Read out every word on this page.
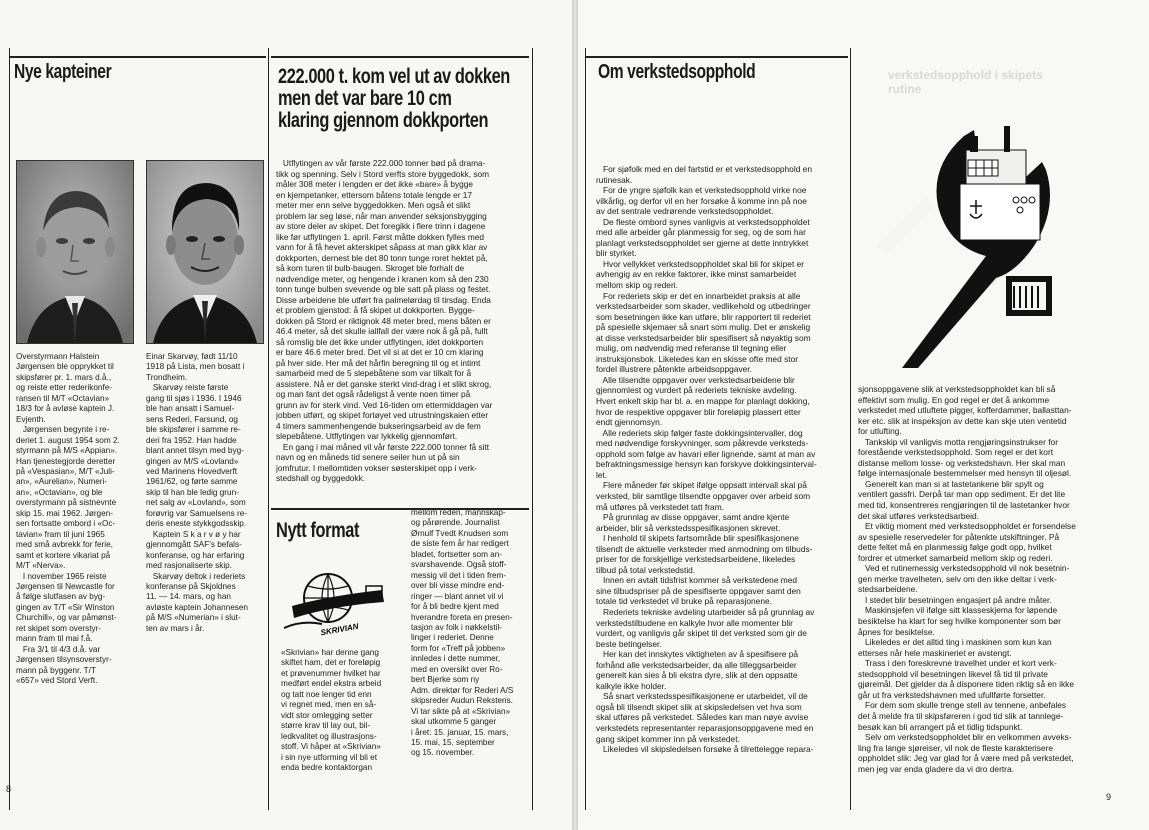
Nye kapteiner
Overstyrmann Halstein
Jørgensen ble opprykket til
skipsfører pr. 1. mars d.å.,
og reiste etter rederikonfe-
ransen til M/T «Octavian»
18/3 for å avløse kaptein J.
Evjenth.
Jørgensen begynte i re-
deriet 1. august 1954 som 2.
styrmann på M/S «Appian».
Han tjenestegjorde deretter
på «Vespasian», M/T «Juli-
an», «Aurelian», Numeri-
an», «Octavian», og ble
overstyrmann på sistnevnte
skip 15. mai 1962. Jørgen-
sen fortsatte ombord i «Oc-
tavian» fram til juni 1965
med små avbrekk for ferie,
samt et kortere vikariat på
M/T «Nerva».
I november 1965 reiste
Jørgensen til Newcastle for
å følge slutfasen av byg-
gingen av T/T «Sir Winston
Churchill», og var påmønst-
ret skipet som overstyr-
mann fram til mai f.å.
Fra 3/1 til 4/3 d.å. var
Jørgensen tilsynsoverstyr-
mann på byggenr. T/T
«657» ved Stord Verft.
Einar Skarvøy, født 11/10
1918 på Lista, men bosatt i
Trondheim.
Skarvøy reiste første
gang til sjøs i 1936. I 1946
ble han ansatt i Samuel-
sens Rederi, Farsund, og
ble skipsfører i samme re-
deri fra 1952. Han hadde
blant annet tilsyn med byg-
gingen av M/S «Lovland»
ved Marinens Hovedverft
1961/62, og førte samme
skip til han ble ledig grun-
net salg av «Lovland», som
forøvrig var Samuelsens re-
deris eneste stykkgodsskip.
Kaptein S k a r v ø y har
gjennomgått SAF's befals-
konferanse, og har erfaring
med rasjonaliserte skip.
Skarvøy deltok i rederiets
konferanse på Skjoldnes
11. — 14. mars, og han
avløste kaptein Johannesen
på M/S «Numerian» i slut-
ten av mars i år.
222.000 t. kom vel ut av dokken
men det var bare 10 cm
klaring gjennom dokkporten
Utflytingen av vår første 222.000 tonner bød på drama-
tikk og spenning. Selv i Stord verfts store byggedokk, som
måler 308 meter i lengden er det ikke «bare» å bygge
en kjempetanker, ettersom båtens totale lengde er 17
meter mer enn selve byggedokken. Men også et slikt
problem lar seg løse, når man anvender seksjonsbygging
av store deler av skipet. Det foregikk i flere trinn i dagene
like før utflytingen 1. april. Først måtte dokken fylles med
vann for å få hevet akterskipet såpass at man gikk klar av
dokkporten, dernest ble det 80 tonn tunge roret hektet på,
så kom turen til bulb-baugen. Skroget ble forhalt de
nødvendige meter, og hengende i kranen kom så den 230
tonn tunge bulben svevende og ble satt på plass og festet.
Disse arbeidene ble utført fra palmelørdag til tirsdag. Enda
et problem gjenstod: å få skipet ut dokkporten. Bygge-
dokken på Stord er riktignok 48 meter bred, mens båten er
46.4 meter, så det skulle iallfall der være nok å gå på, fullt
så romslig ble det ikke under utflytingen, idet dokkporten
er bare 46.6 meter bred. Det vil si at det er 10 cm klaring
på hver side. Her må det hårfin beregning til og et intimt
samarbeid med de 5 slepebåtene som var tilkalt for å
assistere. Nå er det ganske sterkt vind-drag i et slikt skrog,
og man fant det også rådeligst å vente noen timer på
grunn av for sterk vind. Ved 16-tiden om ettermiddagen var
jobben utført, og skipet fortøyet ved utrustningskaien etter
4 timers sammenhengende bukseringsarbeid av de fem
slepebåtene. Utflytingen var lykkelig gjennomført.
En gang i mai måned vil vår første 222.000 tonner få sitt
navn og en måneds tid senere seiler hun ut på sin
jomfrutur. I mellomtiden vokser søsterskipet opp i verk-
stedshall og byggedokk.
Nytt format
SKRIVIAN
«Skrivian» har denne gang
skiftet ham, det er foreløpig
et prøvenummer hvilket har
medført endel ekstra arbeid
og tatt noe lenger tid enn
vi regnet med, men en så-
vidt stor omlegging setter
større krav til lay out, bil-
ledkvalitet og illustrasjons-
stoff. Vi håper at «Skrivian»
i sin nye utforming vil bli et
enda bedre kontaktorgan
mellom rederi, mannskap-
og pårørende. Journalist
Ørnulf Tvedt Knudsen som
de siste fem år har redigert
bladet, fortsetter som an-
svarshavende. Også stoff-
messig vil det i tiden frem-
over bli visse mindre end-
ringer — blant annet vil vi
for å bli bedre kjent med
hverandre foreta en presen-
tasjon av folk i nøkkelstil-
linger i rederiet. Denne
form for «Treff på jobben»
innledes i dette nummer,
med en oversikt over Ro-
bert Bjerke som ny
Adm. direktør for Rederi A/S
skipsreder Audun Rekstens.
Vi tar sikte på at «Skrivian»
skal utkomme 5 ganger
i året: 15. januar, 15. mars,
15. mai, 15. september
og 15. november.
8
Om verkstedsopphold	verkstedsopphold i skipets
rutine
For sjøfolk med en del fartstid er et verkstedsopphold en
rutinesak.
For de yngre sjøfolk kan et verkstedsopphold virke noe
vilkårlig, og derfor vil en her forsøke å komme inn på noe
av det sentrale vedrørende verkstedsoppholdet.
De fleste ombord synes vanligvis at verkstedsoppholdet
med alle arbeider går planmessig for seg, og de som har
planlagt verkstedsoppholdet ser gjerne at dette inntrykket
blir styrket.
Hvor vellykket verkstedsoppholdet skal bli for skipet er
avhengig av en rekke faktorer, ikke minst samarbeidet
mellom skip og rederi.
For rederiets skip er det en innarbeidet praksis at alle
verkstedsarbeider som skader, vedlikehold og utbedringer
som besetningen ikke kan utføre, blir rapportert til rederiet
på spesielle skjemaer så snart som mulig. Det er ønskelig
at disse verkstedsarbeider blir spesifisert så nøyaktig som
mulig, om nødvendig med referanse til tegning eller
instruksjonsbok. Likeledes kan en skisse ofte med stor
fordel illustrere påtenkte arbeidsoppgaver.
Alle tilsendte oppgaver over verkstedsarbeidene blir
gjennomlest og vurdert på rederiets tekniske avdeling.
Hvert enkelt skip har bl. a. en mappe for planlagt dokking,
hvor de respektive oppgaver blir foreløpig plassert etter
endt gjennomsyn.
Alle rederiets skip følger faste dokkingsintervaller, dog
med nødvendige forskyvninger, som påkrevde verksteds-
opphold som følge av havari eller lignende, samt at man av
befraktningsmessige hensyn kan forskyve dokkingsinterval-
let.
Flere måneder før skipet ifølge oppsatt intervall skal på
verksted, blir samtlige tilsendte oppgaver over arbeid som
må utføres på verkstedet tatt fram.
På grunnlag av disse oppgaver, samt andre kjente
arbeider, blir så verkstedsspesifikasjonen skrevet.
I henhold til skipets fartsområde blir spesifikasjonene
tilsendt de aktuelle verksteder med anmodning om tilbuds-
priser for de forskjellige verkstedsarbeidene, likeledes
tilbud på total verkstedstid.
Innen en avtalt tidsfrist kommer så verkstedene med
sine tilbudspriser på de spesifiserte oppgaver samt den
totale tid verkstedet vil bruke på reparasjonene.
Rederiets tekniske avdeling utarbeider så på grunnlag av
verkstedstilbudene en kalkyle hvor alle momenter blir
vurdert, og vanligvis går skipet til det verksted som gir de
beste betingelser.
Her kan det innskytes viktigheten av å spesifisere på
forhånd alle verkstedsarbeider, da alle tilleggsarbeider
generelt kan sies å bli ekstra dyre, slik at den oppsatte
kalkyle ikke holder.
Så snart verkstedsspesifikasjonene er utarbeidet, vil de
også bli tilsendt skipet slik at skipsledelsen vet hva som
skal utføres på verkstedet. Således kan man nøye avvise
verkstedets representanter reparasjonsoppgavene med en
gang skipet kommer inn på verkstedet.
Likeledes vil skipsledelsen forsøke å tilrettelegge repara-
sjonsoppgavene slik at verkstedsoppholdet kan bli så
effektivt som mulig. En god regel er det å ankomme
verkstedet med utluftete pigger, kofferdammer, ballasttan-
ker etc. slik at inspeksjon av dette kan skje uten ventetid
for utlufting.
Tankskip vil vanligvis motta rengjøringsinstrukser for
forestående verkstedsopphold. Som regel er det kort
distanse mellom losse- og verkstedshavn. Her skal man
følge internasjonale bestemmelser med hensyn til oljesøl.
Generelt kan man si at lastetankene blir spylt og
ventilert gassfri. Derpå tar man opp sediment. Er det lite
med tid, konsentreres rengjøringen til de lastetanker hvor
det skal utføres verkstedsarbeid.
Et viktig moment med verkstedsoppholdet er forsendelse
av spesielle reservedeler for påtenkte utskiftninger. På
dette feltet må en planmessig følge godt opp, hvilket
fordrer et utmerket samarbeid mellom skip og rederi.
Ved et rutinemessig verkstedsopphold vil nok besetnin-
gen merke travelheten, selv om den ikke deltar i verk-
stedsarbeidene.
I stedet blir besetningen engasjert på andre måter.
Maskinsjefen vil ifølge sitt klasseskjema for løpende
besiktelse ha klart for seg hvilke komponenter som bør
åpnes for besiktelse.
Likeledes er det alltid ting i maskinen som kun kan
etterses når hele maskineriet er avstengt.
Trass i den foreskrevne travelhet under et kort verk-
stedsopphold vil besetningen likevel få tid til private
gjøremål. Det gjelder da å disponere tiden riktig så en ikke
går ut fra verkstedshavnen med ufullførte forsetter.
For dem som skulle trenge stell av tennene, anbefales
det å melde fra til skipsføreren i god tid slik at tannlege-
besøk kan bli arrangert på et tidlig tidspunkt.
Selv om verkstedsoppholdet blir en velkommen avveks-
ling fra lange sjøreiser, vil nok de fleste karakterisere
oppholdet slik: Jeg var glad for å være med på verkstedet,
men jeg var enda gladere da vi dro dertra.
9
